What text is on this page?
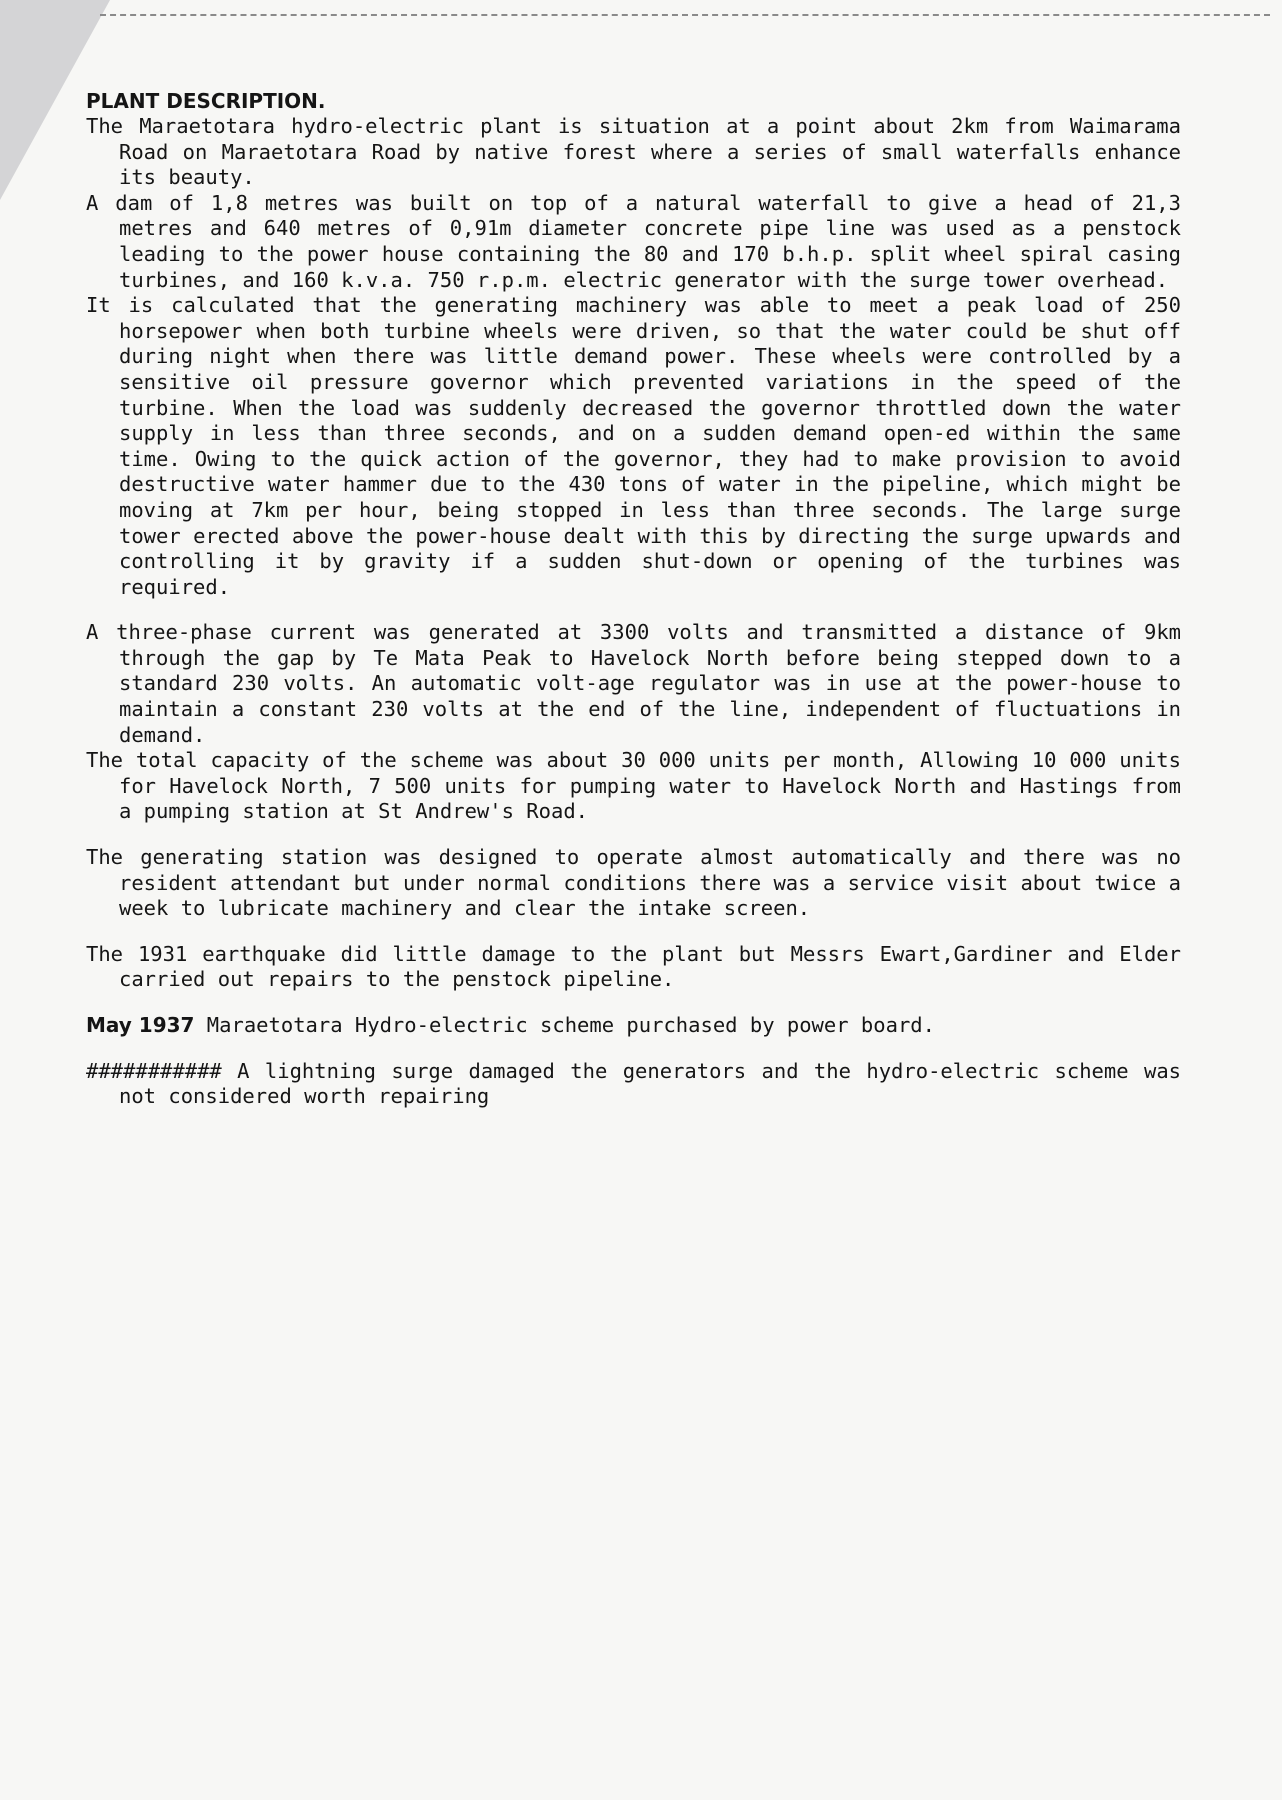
PLANT DESCRIPTION.

The Maraetotara hydro-electric plant is situation at a point about 2km from Waimarama Road on Maraetotara Road by native forest where a series of small waterfalls enhance its beauty.

A dam of 1,8 metres was built on top of a natural waterfall to give a head of 21,3 metres and 640 metres of 0,91m diameter concrete pipe line was used as a penstock leading to the power house containing the 80 and 170 b.h.p. split wheel spiral casing turbines, and 160 k.v.a. 750 r.p.m. electric generator with the surge tower overhead.

It is calculated that the generating machinery was able to meet a peak load of 250 horsepower when both turbine wheels were driven, so that the water could be shut off during night when there was little demand power. These wheels were controlled by a sensitive oil pressure governor which prevented variations in the speed of the turbine. When the load was suddenly decreased the governor throttled down the water supply in less than three seconds, and on a sudden demand open-ed within the same time. Owing to the quick action of the governor, they had to make provision to avoid destructive water hammer due to the 430 tons of water in the pipeline, which might be moving at 7km per hour, being stopped in less than three seconds. The large surge tower erected above the power-house dealt with this by directing the surge upwards and controlling it by gravity if a sudden shut-down or opening of the turbines was required.

A three-phase current was generated at 3300 volts and transmitted a distance of 9km through the gap by Te Mata Peak to Havelock North before being stepped down to a standard 230 volts. An automatic volt-age regulator was in use at the power-house to maintain a constant 230 volts at the end of the line, independent of fluctuations in demand.

The total capacity of the scheme was about 30 000 units per month, Allowing 10 000 units for Havelock North, 7 500 units for pumping water to Havelock North and Hastings from a pumping station at St Andrew's Road.

The generating station was designed to operate almost automatically and there was no resident attendant but under normal conditions there was a service visit about twice a week to lubricate machinery and clear the intake screen.

The 1931 earthquake did little damage to the plant but Messrs Ewart,Gardiner and Elder carried out repairs to the penstock pipeline.

May 1937 Maraetotara Hydro-electric scheme purchased by power board.

########### A lightning surge damaged the generators and the hydro-electric scheme was not considered worth repairing
